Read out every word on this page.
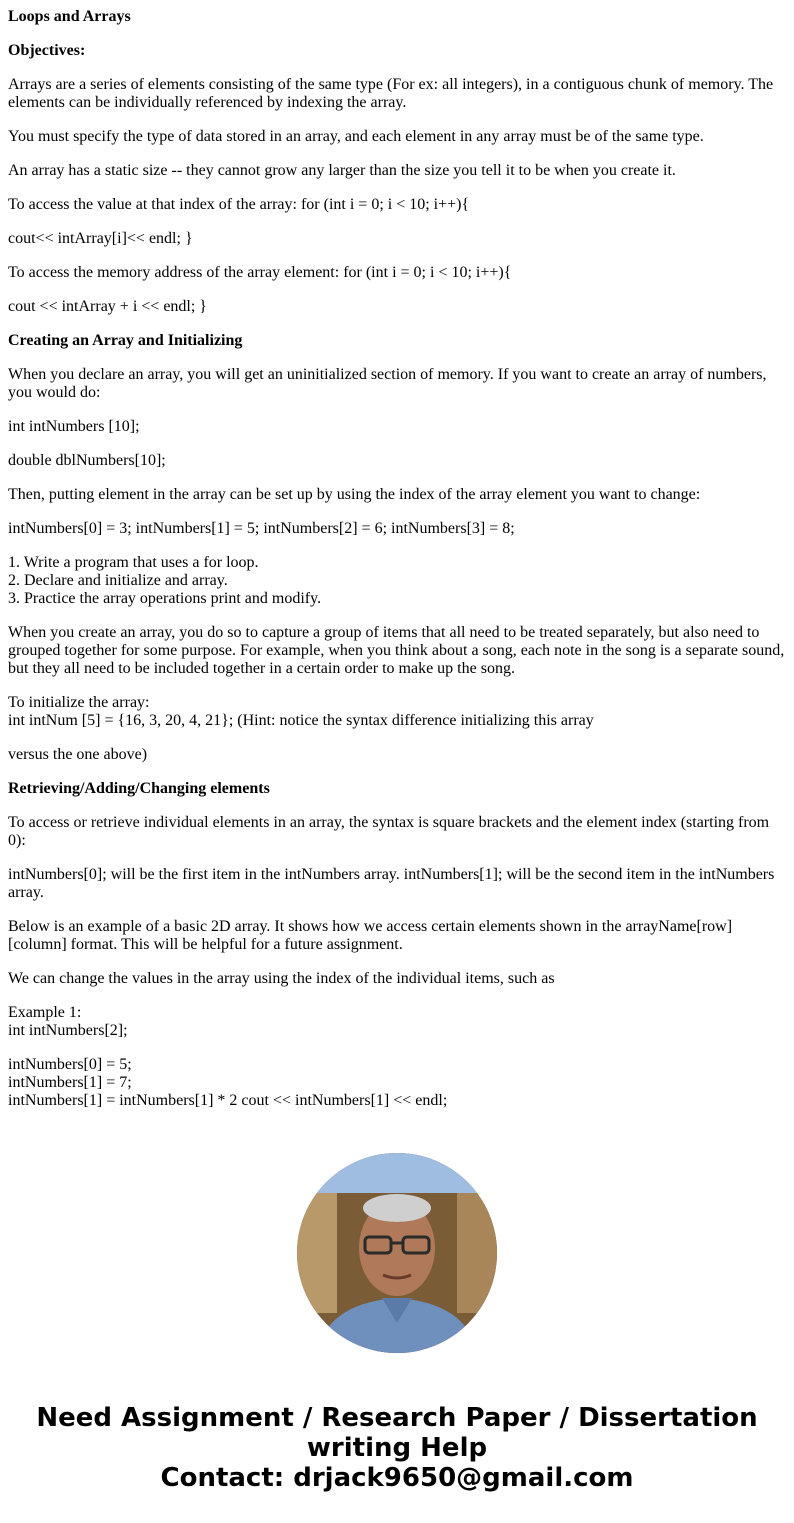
Loops and Arrays

Objectives:

Arrays are a series of elements consisting of the same type (For ex: all integers), in a contiguous chunk of memory. The elements can be individually referenced by indexing the array.

You must specify the type of data stored in an array, and each element in any array must be of the same type.

An array has a static size -- they cannot grow any larger than the size you tell it to be when you create it.

To access the value at that index of the array: for (int i = 0; i < 10; i++){

cout<< intArray[i]<< endl; }

To access the memory address of the array element: for (int i = 0; i < 10; i++){

cout << intArray + i << endl; }

Creating an Array and Initializing

When you declare an array, you will get an uninitialized section of memory. If you want to create an array of numbers, you would do:

int intNumbers [10];

double dblNumbers[10];

Then, putting element in the array can be set up by using the index of the array element you want to change:

intNumbers[0] = 3; intNumbers[1] = 5; intNumbers[2] = 6; intNumbers[3] = 8;

1. Write a program that uses a for loop.
2. Declare and initialize and array.
3. Practice the array operations print and modify.

When you create an array, you do so to capture a group of items that all need to be treated separately, but also need to grouped together for some purpose. For example, when you think about a song, each note in the song is a separate sound, but they all need to be included together in a certain order to make up the song.

To initialize the array:
int intNum [5] = {16, 3, 20, 4, 21}; (Hint: notice the syntax difference initializing this array

versus the one above)

Retrieving/Adding/Changing elements

To access or retrieve individual elements in an array, the syntax is square brackets and the element index (starting from 0):

intNumbers[0]; will be the first item in the intNumbers array. intNumbers[1]; will be the second item in the intNumbers array.

Below is an example of a basic 2D array. It shows how we access certain elements shown in the arrayName[row][column] format. This will be helpful for a future assignment.

We can change the values in the array using the index of the individual items, such as

Example 1:
int intNumbers[2];

intNumbers[0] = 5;
intNumbers[1] = 7;
intNumbers[1] = intNumbers[1] * 2 cout << intNumbers[1] << endl;

Need Assignment / Research Paper / Dissertation
writing Help
Contact: drjack9650@gmail.com
